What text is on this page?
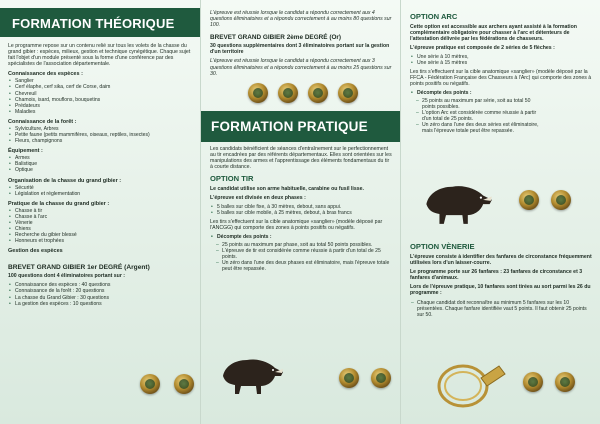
FORMATION THÉORIQUE

Le programme repose sur un contenu relié sur tous les volets de la chasse du grand gibier : espèces, milieux, gestion et technique cynégétique. Chaque sujet fait l'objet d'un module présenté sous la forme d'une conférence par des spécialistes de l'association départementale.

Connaissance des espèces :
• Sanglier
• Cerf élaphe, cerf sika, cerf de Corse, daim
• Chevreuil
• Chamois, isard, mouflons, bouquetins
• Prédateurs
• Maladies
Connaissance de la forêt :
• Sylviculture, Arbres
• Petite faune (petits mammifères, oiseaux, reptiles, insectes)
• Fleurs, champignons
Équipement :
• Armes
• Balistique
• Optique
Organisation de la chasse du grand gibier :
• Sécurité
• Législation et réglementation
Pratique de la chasse du grand gibier :
• Chasse à tir
• Chasse à l'arc
• Vènerie
• Chiens
• Recherche du gibier blessé
• Honneurs et trophées
Gestion des espèces
BREVET GRAND GIBIER 1er DEGRÉ (Argent)

100 questions dont 4 éliminatoires portant sur :

• Connaissance des espèces : 40 questions
• Connaissance de la forêt : 20 questions
• La chasse du Grand Gibier : 30 questions
• La gestion des espèces : 10 questions

L'épreuve est réussie lorsque le candidat a répondu correctement aux 4 questions éliminatoires et a répondu correctement à au moins 80 questions sur 100.

BREVET GRAND GIBIER 2ème DEGRÉ (Or)

30 questions supplémentaires dont 3 éliminatoires portant sur la gestion d'un territoire

L'épreuve est réussie lorsque le candidat a répondu correctement aux 3 questions éliminatoires et a répondu correctement à au moins 25 questions sur 30.

FORMATION PRATIQUE

Les candidats bénéficient de séances d'entraînement sur le perfectionnement au tir encadrées par des référents départementaux. Elles sont orientées sur les manipulations des armes et l'apprentissage des éléments fondamentaux du tir à courte distance.

OPTION TIR

Le candidat utilise son arme habituelle, carabine ou fusil lisse.

L'épreuve est divisée en deux phases :

• 5 balles sur cible fixe, à 30 mètres, debout, sans appui.
• 5 balles sur cible mobile, à 25 mètres, debout, à bras francs

Les tirs s'effectuent sur la cible anatomique «sanglier» (modèle déposé par l'ANCGG) qui comporte des zones à points positifs ou négatifs.

• Décompte des points :
– 25 points au maximum par phase, soit au total 50 points possibles.
– L'épreuve de tir est considérée comme réussie à partir d'un total de 25 points.
– Un zéro dans l'une des deux phases est éliminatoire, mais l'épreuve totale peut être repassée.
OPTION ARC

Cette option est accessible aux archers ayant assisté à la formation complémentaire obligatoire pour chasser à l'arc et détenteurs de l'attestation délivrée par les fédérations de chasseurs.

L'épreuve pratique est composée de 2 séries de 5 flèches :

• Une série à 10 mètres,
• Une série à 15 mètres

Les tirs s'effectuent sur la cible anatomique «sanglier» (modèle déposé par la FFCA - Fédération Française des Chasseurs à l'Arc) qui comporte des zones à points positifs ou négatifs.

• Décompte des points :
– 25 points au maximum par série, soit au total 50 points possibles.
– L'option Arc est considérée comme réussie à partir d'un total de 25 points.
– Un zéro dans l'une des deux séries est éliminatoire, mais l'épreuve totale peut être repassée.
OPTION VÈNERIE

L'épreuve consiste à identifier des fanfares de circonstance fréquemment utilisées lors d'un laisser-courre.

Le programme porte sur 26 fanfares : 23 fanfares de circonstance et 3 fanfares d'animaux.

Lors de l'épreuve pratique, 10 fanfares sont tirées au sort parmi les 26 du programme :

– Chaque candidat doit reconnaître au minimum 5 fanfares sur les 10 présentées. Chaque fanfare identifiée vaut 5 points. Il faut obtenir 25 points sur 50.
